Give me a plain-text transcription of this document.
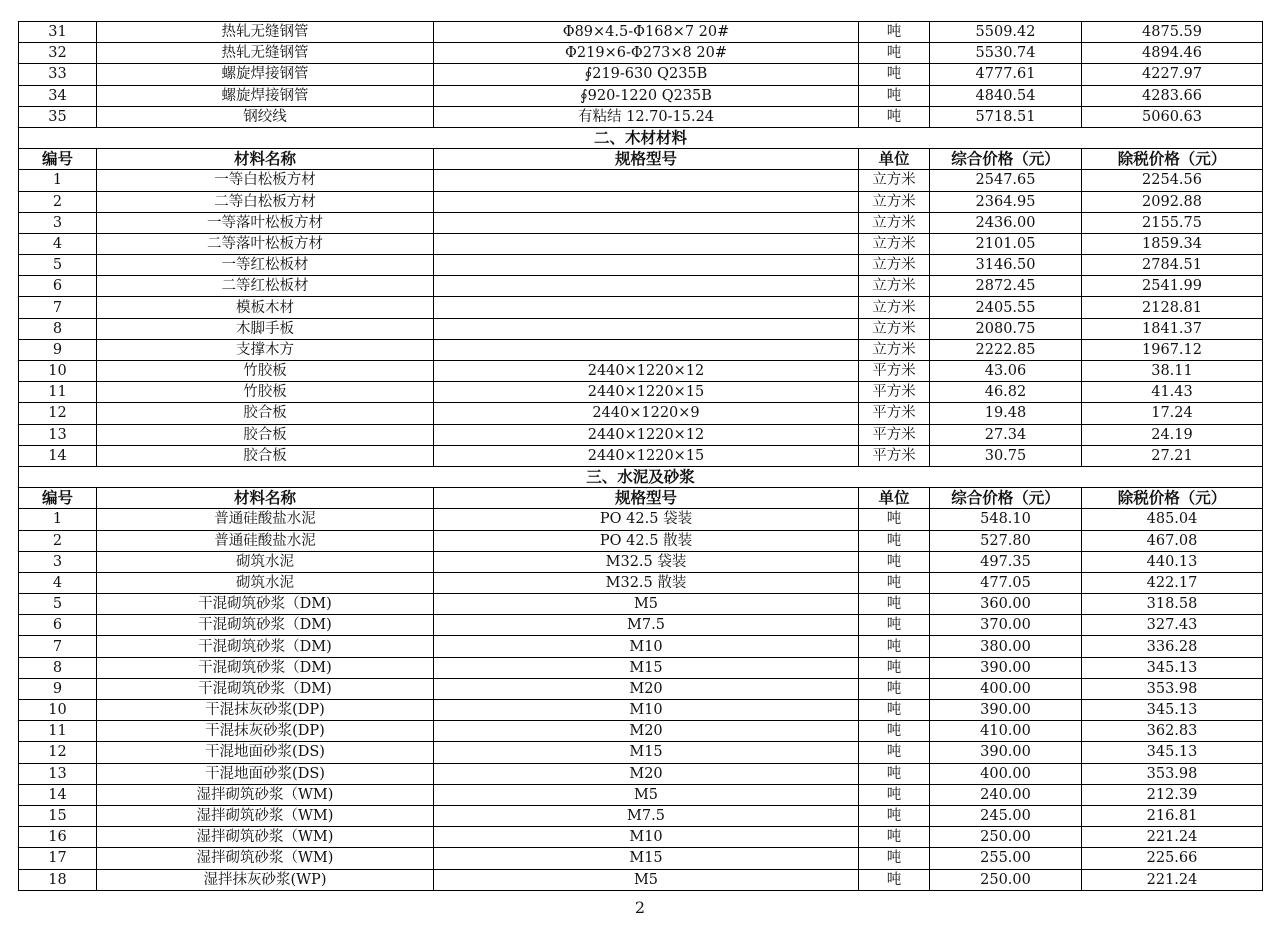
31	热轧无缝钢管	Φ89×4.5-Φ168×7 20#	吨	5509.42	4875.59
32	热轧无缝钢管	Φ219×6-Φ273×8 20#	吨	5530.74	4894.46
33	螺旋焊接钢管	∮219-630 Q235B	吨	4777.61	4227.97
34	螺旋焊接钢管	∮920-1220 Q235B	吨	4840.54	4283.66
35	钢绞线	有粘结 12.70-15.24	吨	5718.51	5060.63
二、木材材料					
编号	材料名称	规格型号	单位	综合价格（元）	除税价格（元）
1	一等白松板方材		立方米	2547.65	2254.56
2	二等白松板方材		立方米	2364.95	2092.88
3	一等落叶松板方材		立方米	2436.00	2155.75
4	二等落叶松板方材		立方米	2101.05	1859.34
5	一等红松板材		立方米	3146.50	2784.51
6	二等红松板材		立方米	2872.45	2541.99
7	模板木材		立方米	2405.55	2128.81
8	木脚手板		立方米	2080.75	1841.37
9	支撑木方		立方米	2222.85	1967.12
10	竹胶板	2440×1220×12	平方米	43.06	38.11
11	竹胶板	2440×1220×15	平方米	46.82	41.43
12	胶合板	2440×1220×9	平方米	19.48	17.24
13	胶合板	2440×1220×12	平方米	27.34	24.19
14	胶合板	2440×1220×15	平方米	30.75	27.21
三、水泥及砂浆					
编号	材料名称	规格型号	单位	综合价格（元）	除税价格（元）
1	普通硅酸盐水泥	PO 42.5 袋装	吨	548.10	485.04
2	普通硅酸盐水泥	PO 42.5 散装	吨	527.80	467.08
3	砌筑水泥	M32.5 袋装	吨	497.35	440.13
4	砌筑水泥	M32.5 散装	吨	477.05	422.17
5	干混砌筑砂浆（DM)	M5	吨	360.00	318.58
6	干混砌筑砂浆（DM)	M7.5	吨	370.00	327.43
7	干混砌筑砂浆（DM)	M10	吨	380.00	336.28
8	干混砌筑砂浆（DM)	M15	吨	390.00	345.13
9	干混砌筑砂浆（DM)	M20	吨	400.00	353.98
10	干混抹灰砂浆(DP)	M10	吨	390.00	345.13
11	干混抹灰砂浆(DP)	M20	吨	410.00	362.83
12	干混地面砂浆(DS)	M15	吨	390.00	345.13
13	干混地面砂浆(DS)	M20	吨	400.00	353.98
14	湿拌砌筑砂浆（WM)	M5	吨	240.00	212.39
15	湿拌砌筑砂浆（WM)	M7.5	吨	245.00	216.81
16	湿拌砌筑砂浆（WM)	M10	吨	250.00	221.24
17	湿拌砌筑砂浆（WM)	M15	吨	255.00	225.66
18	湿拌抹灰砂浆(WP)	M5	吨	250.00	221.24
2
